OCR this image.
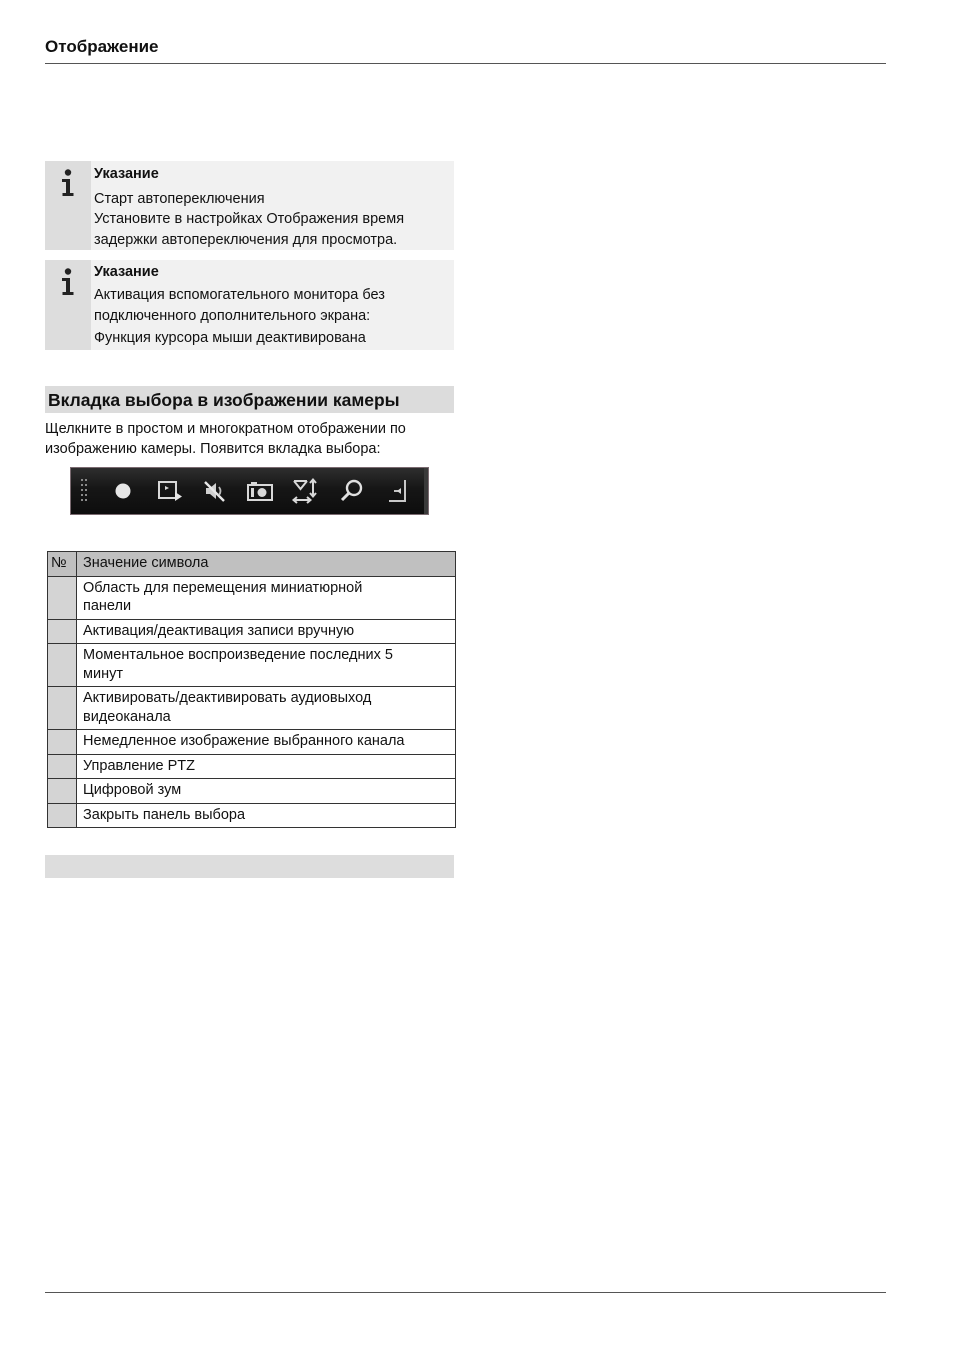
Отображение
Указание
Старт автопереключения
Установите в настройках Отображения время
задержки автопереключения для просмотра.
Указание
Активация вспомогательного монитора без
подключенного дополнительного экрана:
Функция курсора мыши деактивирована
Вкладка выбора в изображении камеры

Щелкните в простом и многократном отображении по
изображению камеры. Появится вкладка выбора:

№	Значение символа

	Область для перемещения миниатюрной
панели

	Активация/деактивация записи вручную

	Моментальное воспроизведение последних 5
минут

	Активировать/деактивировать аудиовыход
видеоканала

	Немедленное изображение выбранного канала

	Управление PTZ

	Цифровой зум

	Закрыть панель выбора
